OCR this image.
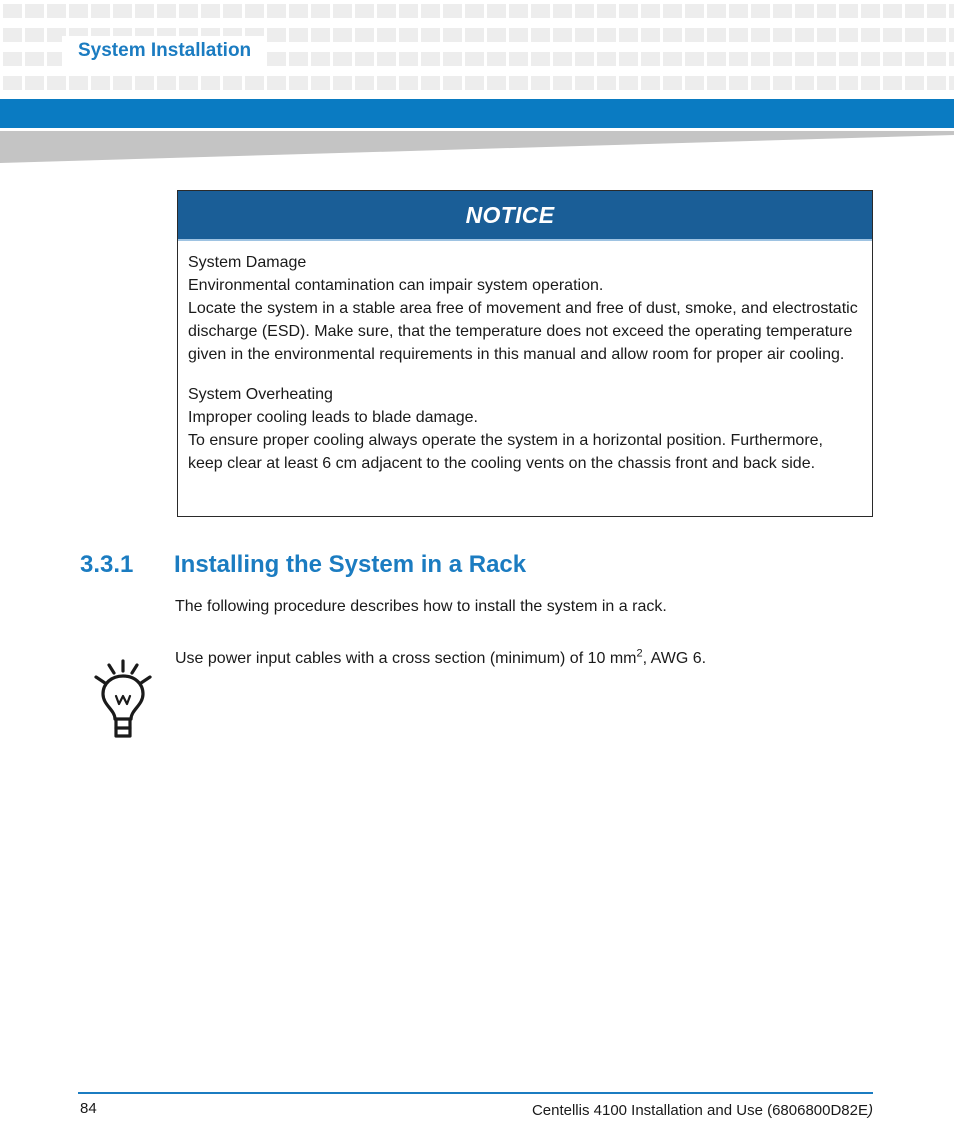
System Installation
NOTICE

System Damage

Environmental contamination can impair system operation.

Locate the system in a stable area free of movement and free of dust, smoke, and electrostatic discharge (ESD). Make sure, that the temperature does not exceed the operating temperature given in the environmental requirements in this manual and allow room for proper air cooling.

System Overheating

Improper cooling leads to blade damage.

To ensure proper cooling always operate the system in a horizontal position. Furthermore, keep clear at least 6 cm adjacent to the cooling vents on the chassis front and back side.

3.3.1 Installing the System in a Rack
The following procedure describes how to install the system in a rack.
Use power input cables with a cross section (minimum) of 10 $mm^2$, AWG 6.
84	Centellis 4100 Installation and Use (6806800D82E)
